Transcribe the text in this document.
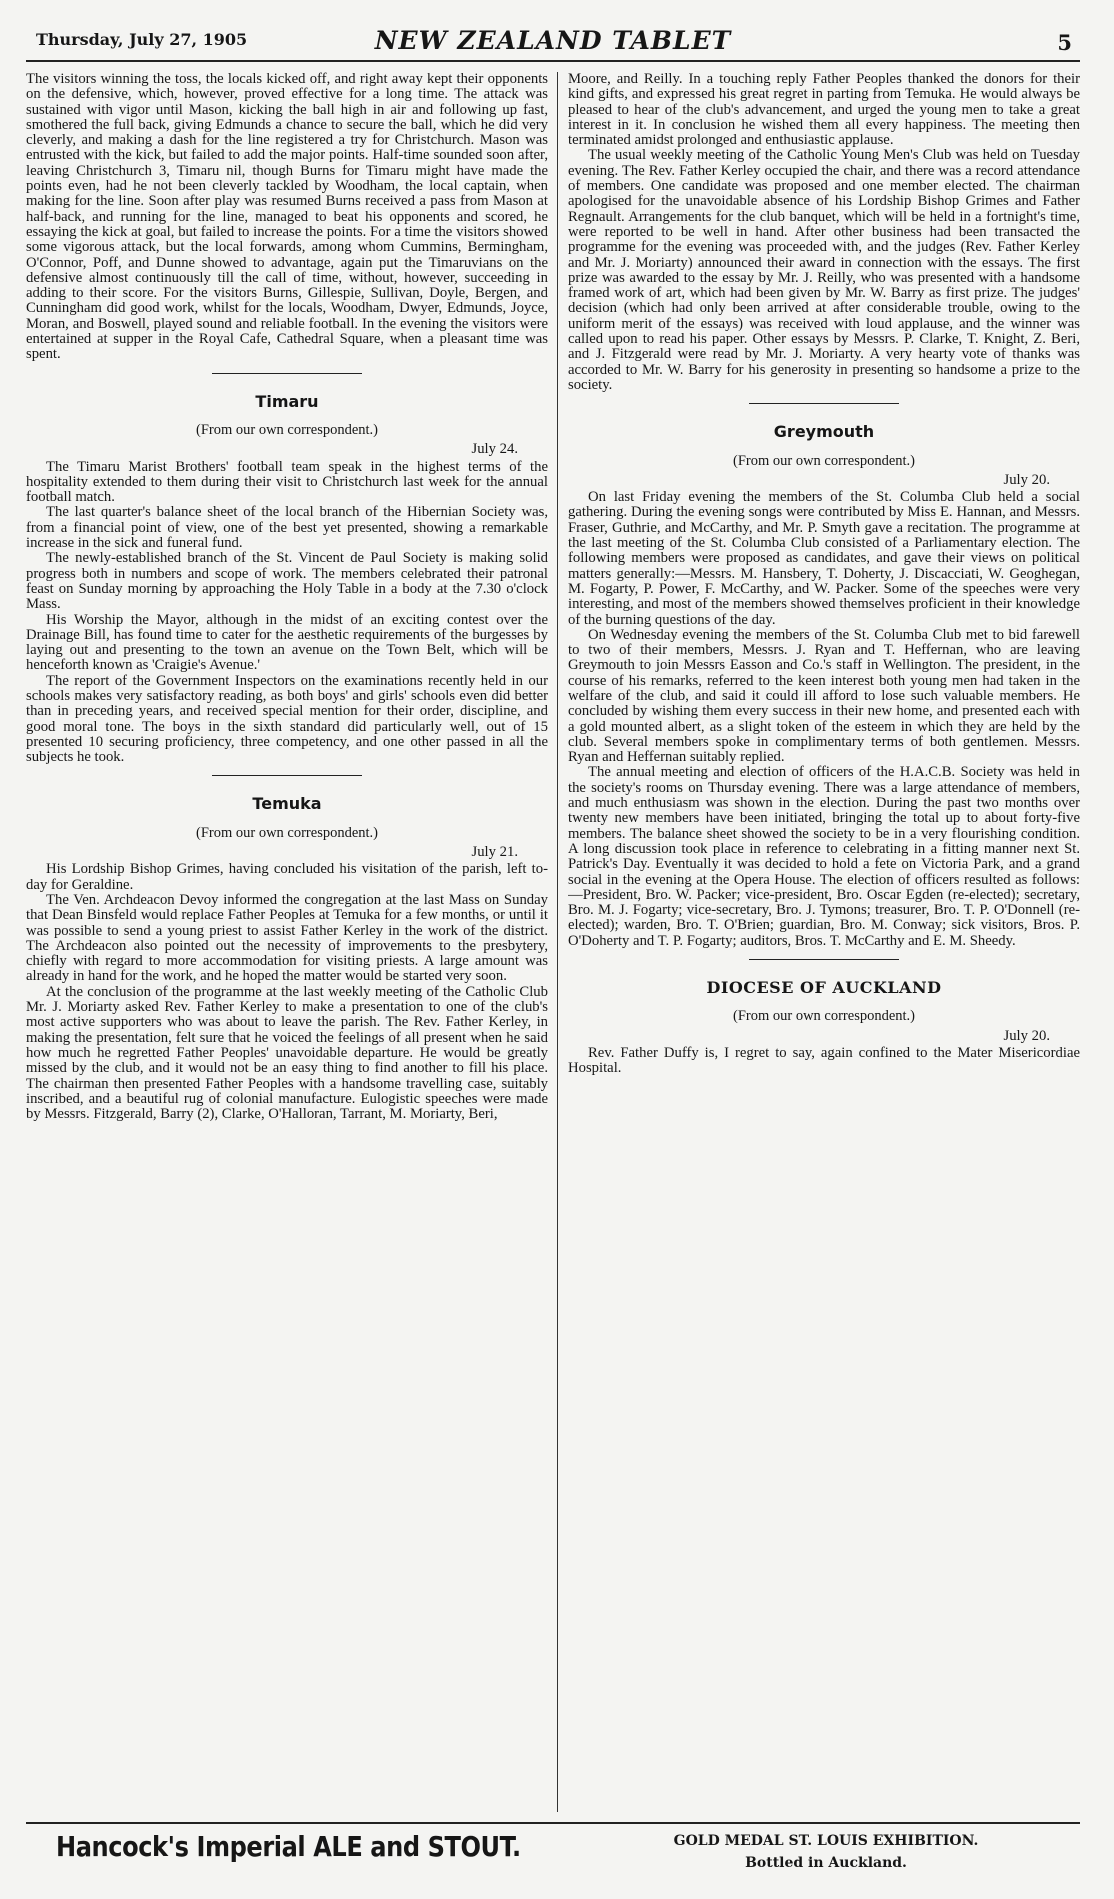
Thursday, July 27, 1905	NEW ZEALAND TABLET	5

The visitors winning the toss, the locals kicked off, and right away kept their opponents on the defensive, which, however, proved effective for a long time. The attack was sustained with vigor until Mason, kicking the ball high in air and following up fast, smothered the full back, giving Edmunds a chance to secure the ball, which he did very cleverly, and making a dash for the line registered a try for Christchurch. Mason was entrusted with the kick, but failed to add the major points. Half-time sounded soon after, leaving Christchurch 3, Timaru nil, though Burns for Timaru might have made the points even, had he not been cleverly tackled by Woodham, the local captain, when making for the line. Soon after play was resumed Burns received a pass from Mason at half-back, and running for the line, managed to beat his opponents and scored, he essaying the kick at goal, but failed to increase the points. For a time the visitors showed some vigorous attack, but the local forwards, among whom Cummins, Bermingham, O'Connor, Poff, and Dunne showed to advantage, again put the Timaruvians on the defensive almost continuously till the call of time, without, however, succeeding in adding to their score. For the visitors Burns, Gillespie, Sullivan, Doyle, Bergen, and Cunningham did good work, whilst for the locals, Woodham, Dwyer, Edmunds, Joyce, Moran, and Boswell, played sound and reliable football. In the evening the visitors were entertained at supper in the Royal Cafe, Cathedral Square, when a pleasant time was spent.

Timaru
(From our own correspondent.)
July 24.

The Timaru Marist Brothers' football team speak in the highest terms of the hospitality extended to them during their visit to Christchurch last week for the annual football match.

The last quarter's balance sheet of the local branch of the Hibernian Society was, from a financial point of view, one of the best yet presented, showing a remarkable increase in the sick and funeral fund.

The newly-established branch of the St. Vincent de Paul Society is making solid progress both in numbers and scope of work. The members celebrated their patronal feast on Sunday morning by approaching the Holy Table in a body at the 7.30 o'clock Mass.

His Worship the Mayor, although in the midst of an exciting contest over the Drainage Bill, has found time to cater for the aesthetic requirements of the burgesses by laying out and presenting to the town an avenue on the Town Belt, which will be henceforth known as 'Craigie's Avenue.'

The report of the Government Inspectors on the examinations recently held in our schools makes very satisfactory reading, as both boys' and girls' schools even did better than in preceding years, and received special mention for their order, discipline, and good moral tone. The boys in the sixth standard did particularly well, out of 15 presented 10 securing proficiency, three competency, and one other passed in all the subjects he took.

Temuka
(From our own correspondent.)
July 21.

His Lordship Bishop Grimes, having concluded his visitation of the parish, left to-day for Geraldine.

The Ven. Archdeacon Devoy informed the congregation at the last Mass on Sunday that Dean Binsfeld would replace Father Peoples at Temuka for a few months, or until it was possible to send a young priest to assist Father Kerley in the work of the district. The Archdeacon also pointed out the necessity of improvements to the presbytery, chiefly with regard to more accommodation for visiting priests. A large amount was already in hand for the work, and he hoped the matter would be started very soon.

At the conclusion of the programme at the last weekly meeting of the Catholic Club Mr. J. Moriarty asked Rev. Father Kerley to make a presentation to one of the club's most active supporters who was about to leave the parish. The Rev. Father Kerley, in making the presentation, felt sure that he voiced the feelings of all present when he said how much he regretted Father Peoples' unavoidable departure. He would be greatly missed by the club, and it would not be an easy thing to find another to fill his place. The chairman then presented Father Peoples with a handsome travelling case, suitably inscribed, and a beautiful rug of colonial manufacture. Eulogistic speeches were made by Messrs. Fitzgerald, Barry (2), Clarke, O'Halloran, Tarrant, M. Moriarty, Beri,

Moore, and Reilly. In a touching reply Father Peoples thanked the donors for their kind gifts, and expressed his great regret in parting from Temuka. He would always be pleased to hear of the club's advancement, and urged the young men to take a great interest in it. In conclusion he wished them all every happiness. The meeting then terminated amidst prolonged and enthusiastic applause.

The usual weekly meeting of the Catholic Young Men's Club was held on Tuesday evening. The Rev. Father Kerley occupied the chair, and there was a record attendance of members. One candidate was proposed and one member elected. The chairman apologised for the unavoidable absence of his Lordship Bishop Grimes and Father Regnault. Arrangements for the club banquet, which will be held in a fortnight's time, were reported to be well in hand. After other business had been transacted the programme for the evening was proceeded with, and the judges (Rev. Father Kerley and Mr. J. Moriarty) announced their award in connection with the essays. The first prize was awarded to the essay by Mr. J. Reilly, who was presented with a handsome framed work of art, which had been given by Mr. W. Barry as first prize. The judges' decision (which had only been arrived at after considerable trouble, owing to the uniform merit of the essays) was received with loud applause, and the winner was called upon to read his paper. Other essays by Messrs. P. Clarke, T. Knight, Z. Beri, and J. Fitzgerald were read by Mr. J. Moriarty. A very hearty vote of thanks was accorded to Mr. W. Barry for his generosity in presenting so handsome a prize to the society.

Greymouth
(From our own correspondent.)
July 20.

On last Friday evening the members of the St. Columba Club held a social gathering. During the evening songs were contributed by Miss E. Hannan, and Messrs. Fraser, Guthrie, and McCarthy, and Mr. P. Smyth gave a recitation. The programme at the last meeting of the St. Columba Club consisted of a Parliamentary election. The following members were proposed as candidates, and gave their views on political matters generally:—Messrs. M. Hansbery, T. Doherty, J. Discacciati, W. Geoghegan, M. Fogarty, P. Power, F. McCarthy, and W. Packer. Some of the speeches were very interesting, and most of the members showed themselves proficient in their knowledge of the burning questions of the day.

On Wednesday evening the members of the St. Columba Club met to bid farewell to two of their members, Messrs. J. Ryan and T. Heffernan, who are leaving Greymouth to join Messrs Easson and Co.'s staff in Wellington. The president, in the course of his remarks, referred to the keen interest both young men had taken in the welfare of the club, and said it could ill afford to lose such valuable members. He concluded by wishing them every success in their new home, and presented each with a gold mounted albert, as a slight token of the esteem in which they are held by the club. Several members spoke in complimentary terms of both gentlemen. Messrs. Ryan and Heffernan suitably replied.

The annual meeting and election of officers of the H.A.C.B. Society was held in the society's rooms on Thursday evening. There was a large attendance of members, and much enthusiasm was shown in the election. During the past two months over twenty new members have been initiated, bringing the total up to about forty-five members. The balance sheet showed the society to be in a very flourishing condition. A long discussion took place in reference to celebrating in a fitting manner next St. Patrick's Day. Eventually it was decided to hold a fete on Victoria Park, and a grand social in the evening at the Opera House. The election of officers resulted as follows:—President, Bro. W. Packer; vice-president, Bro. Oscar Egden (re-elected); secretary, Bro. M. J. Fogarty; vice-secretary, Bro. J. Tymons; treasurer, Bro. T. P. O'Donnell (re-elected); warden, Bro. T. O'Brien; guardian, Bro. M. Conway; sick visitors, Bros. P. O'Doherty and T. P. Fogarty; auditors, Bros. T. McCarthy and E. M. Sheedy.

DIOCESE OF AUCKLAND
(From our own correspondent.)
July 20.

Rev. Father Duffy is, I regret to say, again confined to the Mater Misericordiae Hospital.

Hancock's Imperial ALE and STOUT.	GOLD MEDAL ST. LOUIS EXHIBITION.
Bottled in Auckland.
